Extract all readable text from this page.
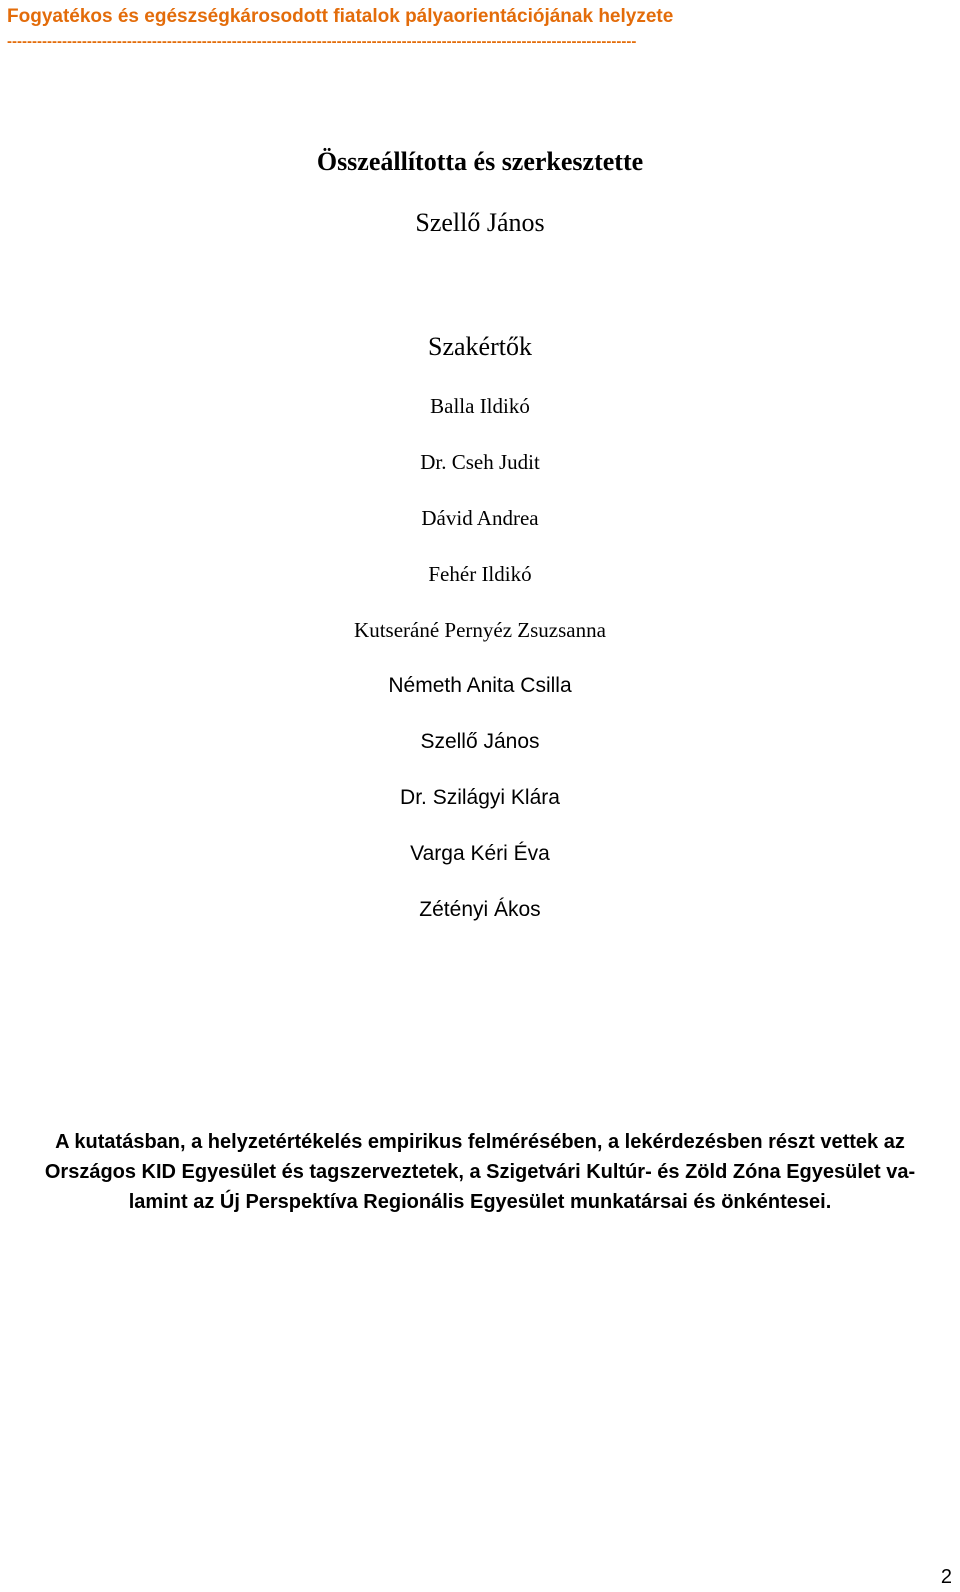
Fogyatékos és egészségkárosodott fiatalok pályaorientációjának helyzete
------------------------------------------------------------------------------------------------------------------------------
Összeállította és szerkesztette
Szellő János
Szakértők
Balla Ildikó
Dr. Cseh Judit
Dávid Andrea
Fehér Ildikó
Kutseráné Pernyéz Zsuzsanna
Németh Anita Csilla
Szellő János
Dr. Szilágyi Klára
Varga Kéri Éva
Zétényi Ákos
A kutatásban, a helyzetértékelés empirikus felmérésében, a lekérdezésben részt vettek az
Országos KID Egyesület és tagszerveztetek, a Szigetvári Kultúr- és Zöld Zóna Egyesület va-
lamint az Új Perspektíva Regionális Egyesület munkatársai és önkéntesei.
2
